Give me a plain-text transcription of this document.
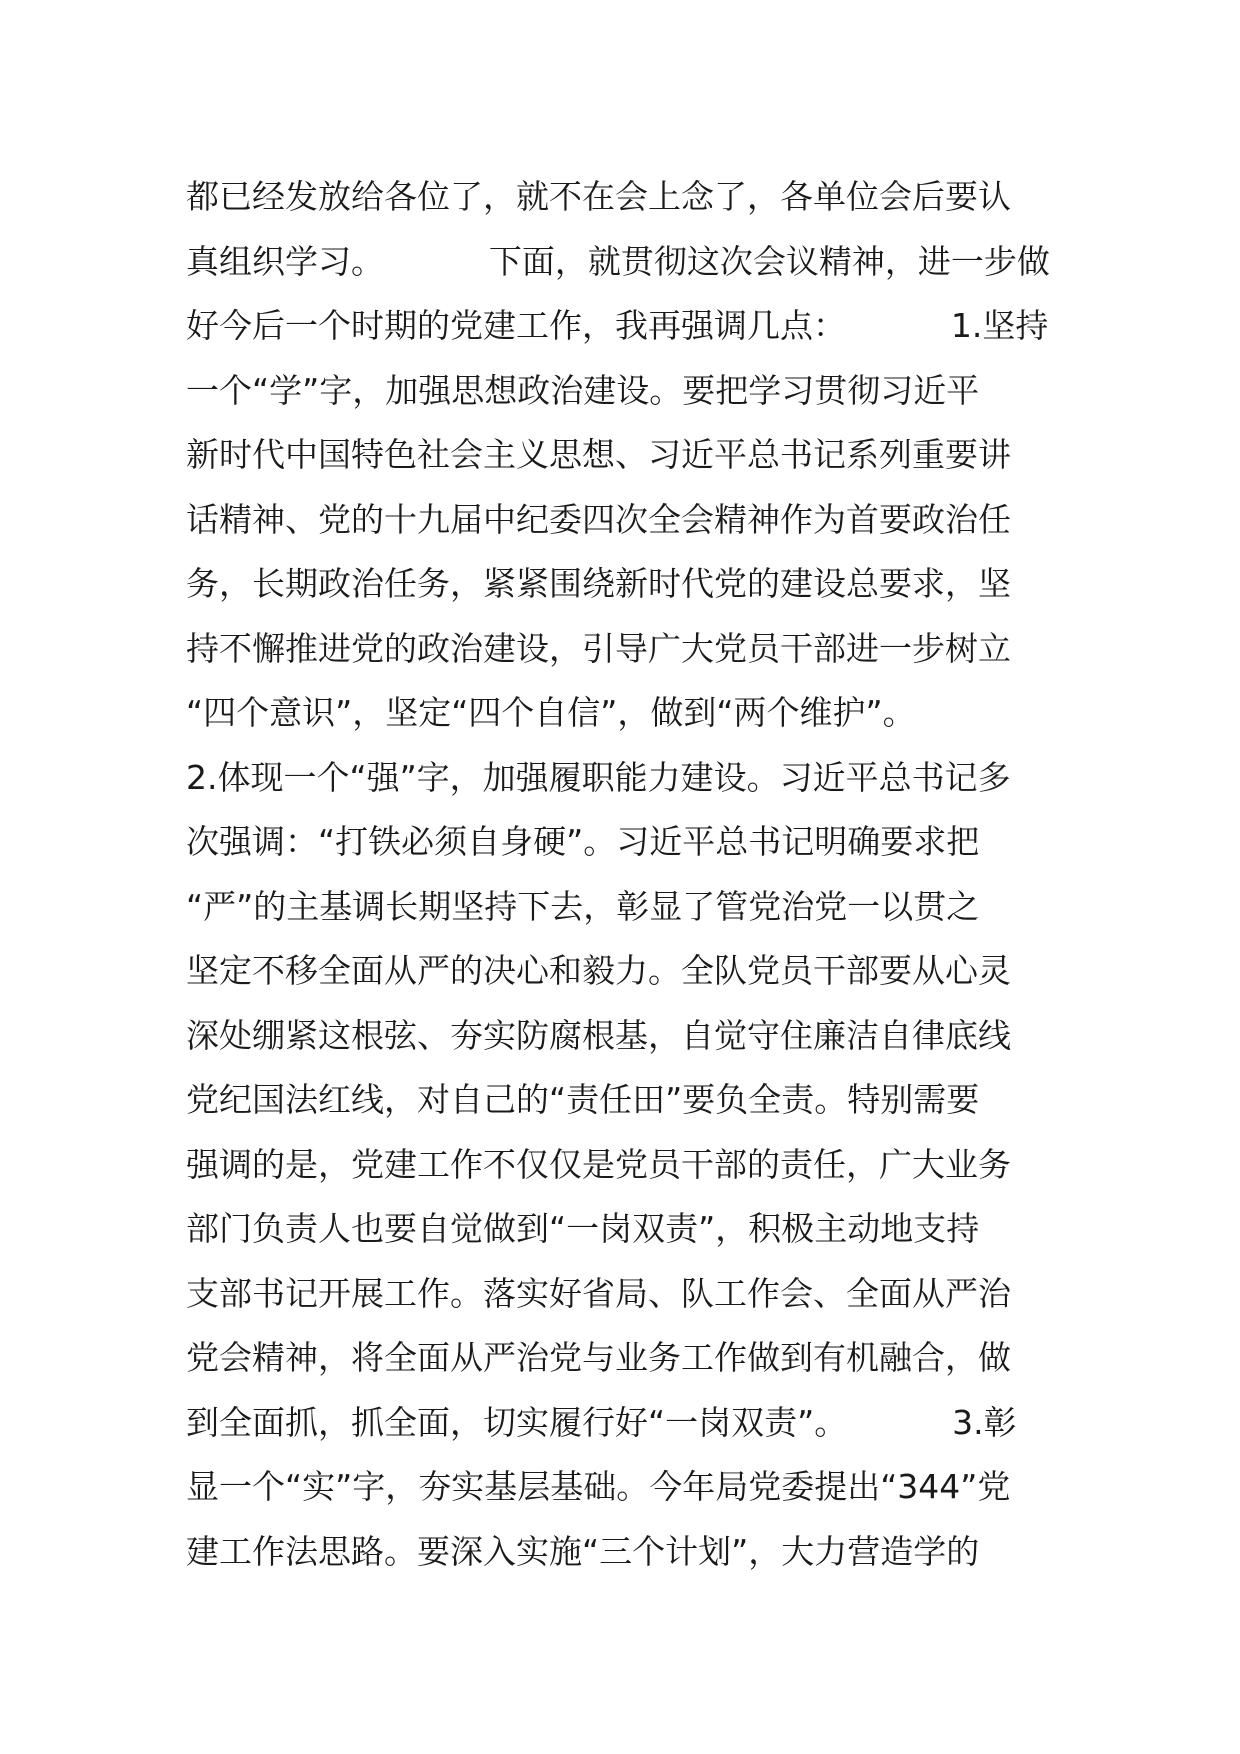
都已经发放给各位了，就不在会上念了，各单位会后要认
真组织学习。          下面，就贯彻这次会议精神，进一步做
好今后一个时期的党建工作，我再强调几点：          1.坚持
一个“学”字，加强思想政治建设。要把学习贯彻习近平
新时代中国特色社会主义思想、习近平总书记系列重要讲
话精神、党的十九届中纪委四次全会精神作为首要政治任
务，长期政治任务，紧紧围绕新时代党的建设总要求，坚
持不懈推进党的政治建设，引导广大党员干部进一步树立
“四个意识”，坚定“四个自信”，做到“两个维护”。
2.体现一个“强”字，加强履职能力建设。习近平总书记多
次强调：“打铁必须自身硬”。习近平总书记明确要求把
“严”的主基调长期坚持下去，彰显了管党治党一以贯之
坚定不移全面从严的决心和毅力。全队党员干部要从心灵
深处绷紧这根弦、夯实防腐根基，自觉守住廉洁自律底线
党纪国法红线，对自己的“责任田”要负全责。特别需要
强调的是，党建工作不仅仅是党员干部的责任，广大业务
部门负责人也要自觉做到“一岗双责”，积极主动地支持
支部书记开展工作。落实好省局、队工作会、全面从严治
党会精神，将全面从严治党与业务工作做到有机融合，做
到全面抓，抓全面，切实履行好“一岗双责”。          3.彰
显一个“实”字，夯实基层基础。今年局党委提出“344”党
建工作法思路。要深入实施“三个计划”，大力营造学的
